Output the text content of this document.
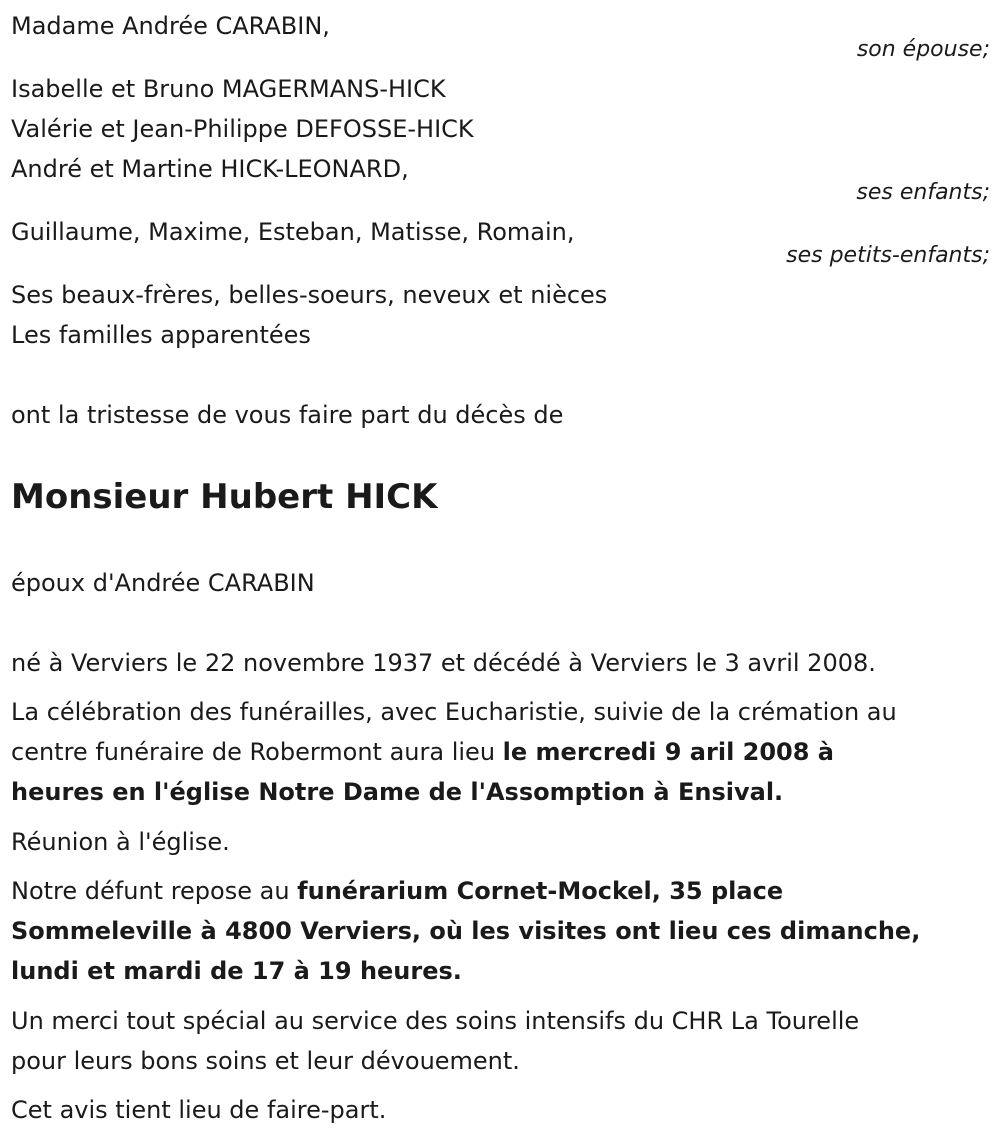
Madame Andrée CARABIN,

son épouse;

Isabelle et Bruno MAGERMANS-HICK

Valérie et Jean-Philippe DEFOSSE-HICK

André et Martine HICK-LEONARD,

ses enfants;

Guillaume, Maxime, Esteban, Matisse, Romain,

ses petits-enfants;

Ses beaux-frères, belles-soeurs, neveux et nièces

Les familles apparentées

ont la tristesse de vous faire part du décès de

Monsieur Hubert HICK

époux d'Andrée CARABIN

né à Verviers le 22 novembre 1937 et décédé à Verviers le 3 avril 2008.

La célébration des funérailles, avec Eucharistie, suivie de la crémation au

centre funéraire de Robermont aura lieu le mercredi 9 aril 2008 à

heures en l'église Notre Dame de l'Assomption à Ensival.

Réunion à l'église.

Notre défunt repose au funérarium Cornet-Mockel, 35 place

Sommeleville à 4800 Verviers, où les visites ont lieu ces dimanche,

lundi et mardi de 17 à 19 heures.

Un merci tout spécial au service des soins intensifs du CHR La Tourelle

pour leurs bons soins et leur dévouement.

Cet avis tient lieu de faire-part.
